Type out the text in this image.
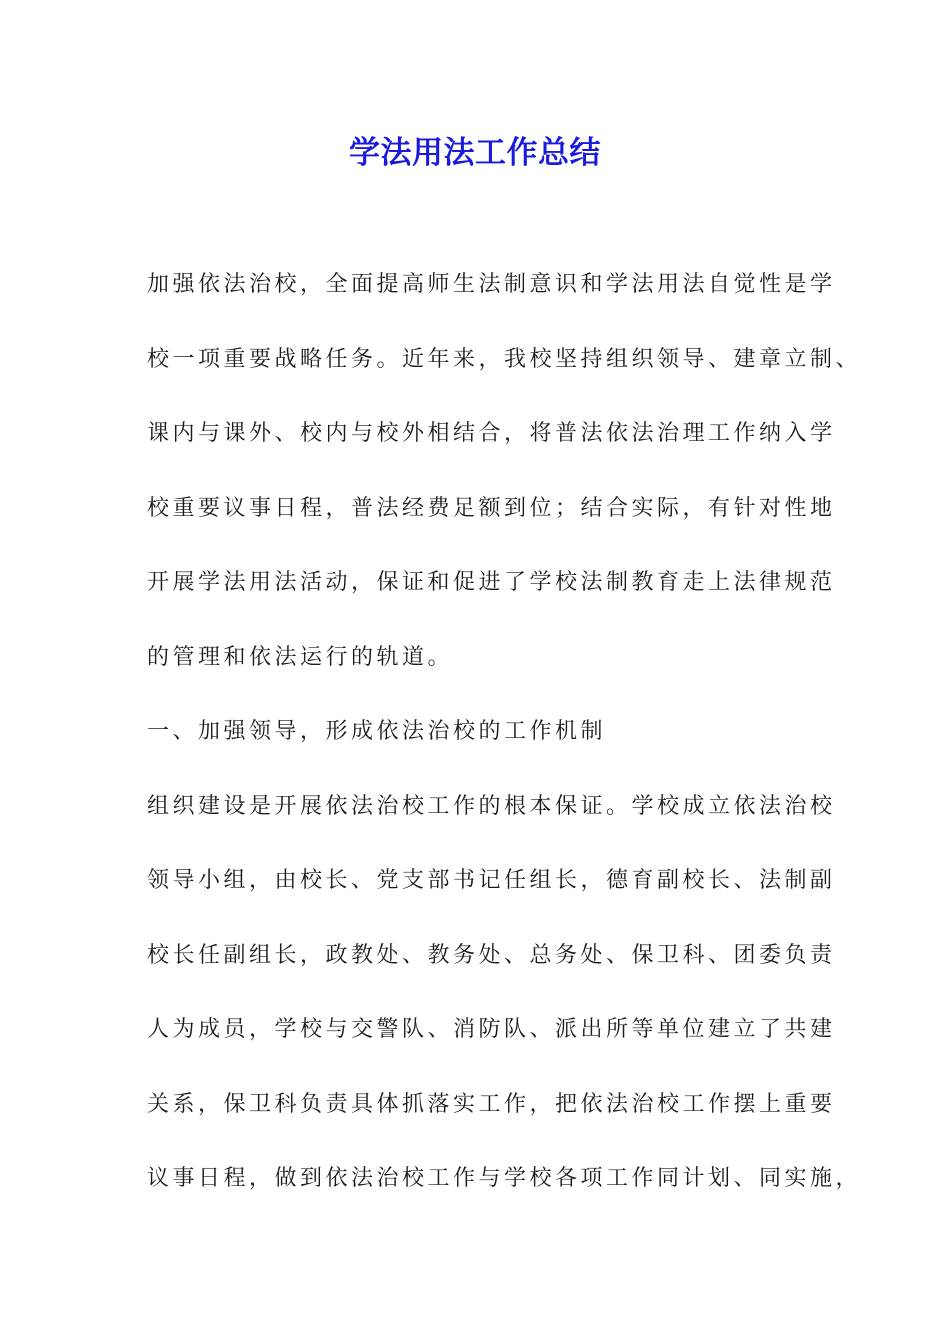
学法用法工作总结
加强依法治校，全面提高师生法制意识和学法用法自觉性是学
校一项重要战略任务。近年来，我校坚持组织领导、建章立制、
课内与课外、校内与校外相结合，将普法依法治理工作纳入学
校重要议事日程，普法经费足额到位；结合实际，有针对性地
开展学法用法活动，保证和促进了学校法制教育走上法律规范
的管理和依法运行的轨道。
一、加强领导，形成依法治校的工作机制
组织建设是开展依法治校工作的根本保证。学校成立依法治校
领导小组，由校长、党支部书记任组长，德育副校长、法制副
校长任副组长，政教处、教务处、总务处、保卫科、团委负责
人为成员，学校与交警队、消防队、派出所等单位建立了共建
关系，保卫科负责具体抓落实工作，把依法治校工作摆上重要
议事日程，做到依法治校工作与学校各项工作同计划、同实施，
